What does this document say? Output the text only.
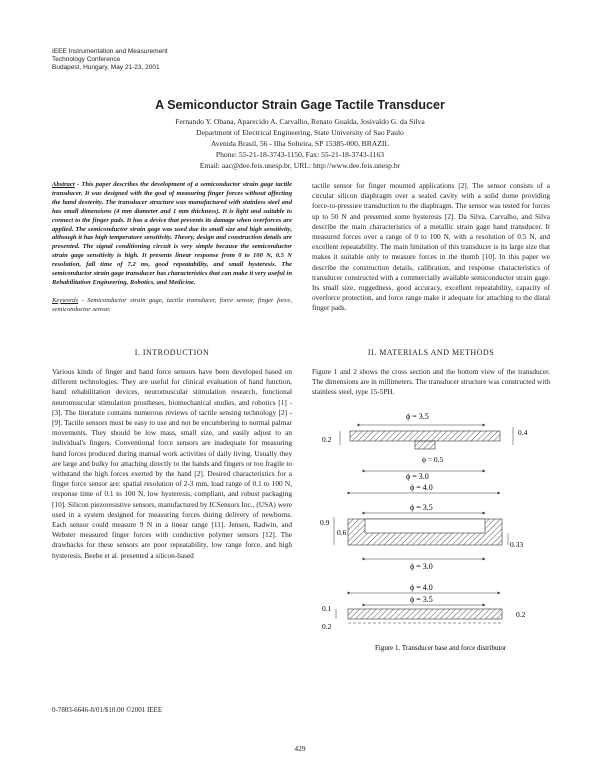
IEEE Instrumentation and Measurement
Technology Conference
Budapest, Hungary, May 21-23, 2001
A Semiconductor Strain Gage Tactile Transducer
Fernando Y. Obana, Aparecido A. Carvalho, Renato Gualda, Josivaldo G. da Silva
Department of Electrical Engineering, State University of Sao Paulo
Avenida Brasil, 56 - Ilha Solteira, SP 15385-000, BRAZIL
Phone: 55-21-18-3743-1150, Fax: 55-21-18-3743-1163
Email: aac@dee.feis.unesp.br, URL: http://www.dee.feis.unesp.br
Abstract - This paper describes the development of a semiconductor strain gage tactile transducer. It was designed with the goal of measuring finger forces without affecting the hand dexterity. The transducer structure was manufactured with stainless steel and has small dimensions (4 mm diameter and 1 mm thickness). It is light and suitable to connect to the finger pads. It has a device that prevents its damage when overforces are applied. The semiconductor strain gage was used due its small size and high sensitivity, although it has high temperature sensitivity. Theory, design and construction details are presented. The signal conditioning circuit is very simple because the semiconductor strain gage sensitivity is high. It presents linear response from 0 to 100 N, 0.5 N resolution, fall time of 7.2 ms, good repeatability, and small hysteresis. The semiconductor strain gage transducer has characteristics that can make it very useful in Rehabilitation Engineering, Robotics, and Medicine.
Keywords - Semiconductor strain gage, tactile transducer, force sensor, finger force, semiconductor sensor.
I. INTRODUCTION
Various kinds of finger and hand force sensors have been developed based on different technologies. They are useful for clinical evaluation of hand function, hand rehabilitation devices, neuromuscular stimulation research, functional neuromuscular stimulation prostheses, biomechanical studies, and robotics [1] - [3]. The literature contains numerous reviews of tactile sensing technology [2] - [9]. Tactile sensors must be easy to use and not be encumbering to normal palmar movements. They should be low mass, small size, and easily adjust to an individual's fingers. Conventional force sensors are inadequate for measuring hand forces produced during manual work activities of daily living. Usually they are large and bulky for attaching directly to the hands and fingers or too fragile to withstand the high forces exerted by the hand [2]. Desired characteristics for a finger force sensor are: spatial resolution of 2-3 mm, load range of 0.1 to 100 N, response time of 0.1 to 100 N, low hysteresis, compliant, and robust packaging [10]. Silicon piezoresistive sensors, manufactured by ICSensors Inc., (USA) were used in a system designed for measuring forces during delivery of newborns. Each sensor could measure 9 N in a linear range [11]. Jensen, Radwin, and Webster measured finger forces with conductive polymer sensors [12]. The drawbacks for these sensors are poor repeatability, low range force, and high hysteresis. Beebe et al. presented a silicon-based
tactile sensor for finger mounted applications [2]. The sensor consists of a circular silicon diaphragm over a sealed cavity with a solid dome providing force-to-pressure transduction to the diaphragm. The sensor was tested for forces up to 50 N and presented some hysteresis [2]. Da Silva, Carvalho, and Silva describe the main characteristics of a metallic strain gage hand transducer. It measured forces over a range of 0 to 100 N, with a resolution of 0.5 N, and excellent repeatability. The main limitation of this transducer is its large size that makes it suitable only to measure forces in the thumb [10]. In this paper we describe the construction details, calibration, and response characteristics of transducer constructed with a commercially available semiconductor strain gage. Its small size, ruggedness, good accuracy, excellent repeatability, capacity of overforce protection, and force range make it adequate for attaching to the distal finger pads.
II. MATERIALS AND METHODS
Figure 1 and 2 shows the cross section and the bottom view of the transducer. The dimensions are in millimeters. The transducer structure was constructed with stainless steel, type 15-5PH.
ϕ = 3.5
0.2
0.4
ϕ = 0.5
ϕ = 3.0
ϕ = 4.0
ϕ = 3.5
0.9
0.6
0.33
ϕ = 3.0
ϕ = 4.0
ϕ = 3.5
0.1
0.2
0.2
Figure 1. Transducer base and force distributor
0-7803-6646-8/01/$10.00 ©2001 IEEE
429
